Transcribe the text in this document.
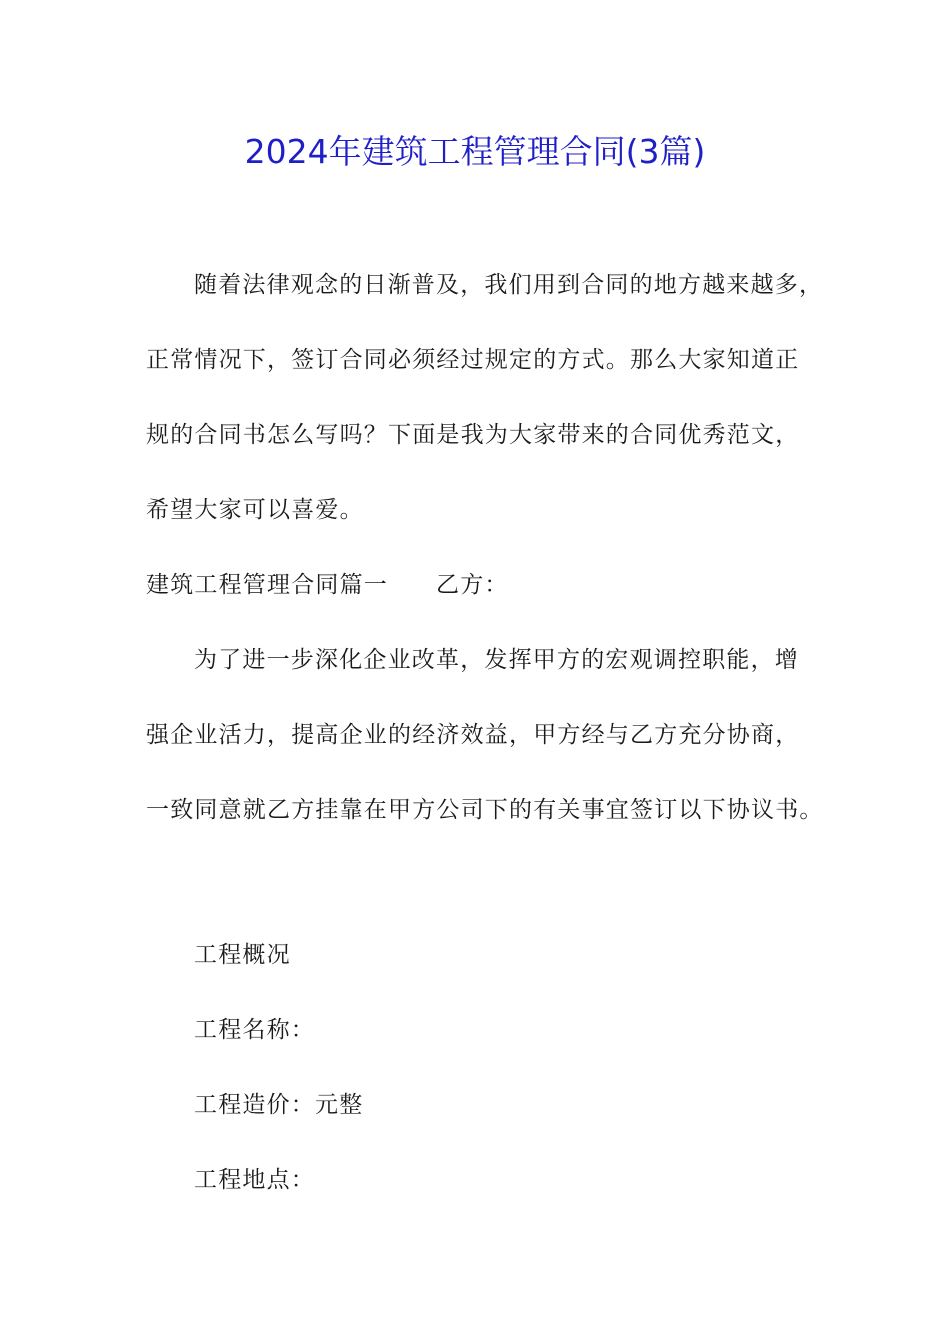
2024年建筑工程管理合同(3篇)
随着法律观念的日渐普及，我们用到合同的地方越来越多，
正常情况下，签订合同必须经过规定的方式。那么大家知道正
规的合同书怎么写吗？下面是我为大家带来的合同优秀范文，
希望大家可以喜爱。
建筑工程管理合同篇一 乙方：
为了进一步深化企业改革，发挥甲方的宏观调控职能，增
强企业活力，提高企业的经济效益，甲方经与乙方充分协商，
一致同意就乙方挂靠在甲方公司下的有关事宜签订以下协议书。
工程概况
工程名称：
工程造价：元整
工程地点：
